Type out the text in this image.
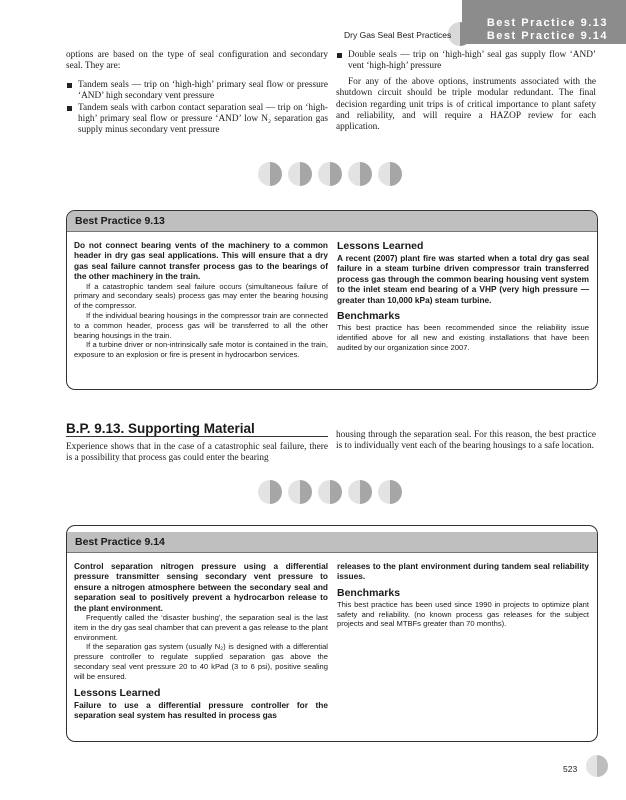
Best Practice 9.13
Best Practice 9.14
Dry Gas Seal Best Practices

options are based on the type of seal configuration and secondary seal. They are:

Tandem seals — trip on ‘high-high’ primary seal flow or pressure ‘AND’ high secondary vent pressure

Tandem seals with carbon contact separation seal — trip on ‘high-high’ primary seal flow or pressure ‘AND’ low N₂ separation gas supply minus secondary vent pressure

Double seals — trip on ‘high-high’ seal gas supply flow ‘AND’ vent ‘high-high’ pressure

For any of the above options, instruments associated with the shutdown circuit should be triple modular redundant. The final decision regarding unit trips is of critical importance to plant safety and reliability, and will require a HAZOP review for each application.

Best Practice 9.13

Do not connect bearing vents of the machinery to a common header in dry gas seal applications. This will ensure that a dry gas seal failure cannot transfer process gas to the bearings of the other machinery in the train.

If a catastrophic tandem seal failure occurs (simultaneous failure of primary and secondary seals) process gas may enter the bearing housing of the compressor.

If the individual bearing housings in the compressor train are connected to a common header, process gas will be transferred to all the other bearing housings in the train.

If a turbine driver or non-intrinsically safe motor is contained in the train, exposure to an explosion or fire is present in hydrocarbon services.

Lessons Learned

A recent (2007) plant fire was started when a total dry gas seal failure in a steam turbine driven compressor train transferred process gas through the common bearing housing vent system to the inlet steam end bearing of a VHP (very high pressure — greater than 10,000 kPa) steam turbine.

Benchmarks

This best practice has been recommended since the reliability issue identified above for all new and existing installations that have been audited by our organization since 2007.

B.P. 9.13. Supporting Material

Experience shows that in the case of a catastrophic seal failure, there is a possibility that process gas could enter the bearing

housing through the separation seal. For this reason, the best practice is to individually vent each of the bearing housings to a safe location.

Best Practice 9.14

Control separation nitrogen pressure using a differential pressure transmitter sensing secondary vent pressure to ensure a nitrogen atmosphere between the secondary seal and separation seal to positively prevent a hydrocarbon release to the plant environment.

Frequently called the ‘disaster bushing’, the separation seal is the last item in the dry gas seal chamber that can prevent a gas release to the plant environment.

If the separation gas system (usually N₂) is designed with a differential pressure controller to regulate supplied separation gas above the secondary seal vent pressure 20 to 40 kPad (3 to 6 psi), positive sealing will be ensured.

Lessons Learned

Failure to use a differential pressure controller for the separation seal system has resulted in process gas

releases to the plant environment during tandem seal reliability issues.

Benchmarks

This best practice has been used since 1990 in projects to optimize plant safety and reliability. (no known process gas releases for the subject projects and seal MTBFs greater than 70 months).

523
